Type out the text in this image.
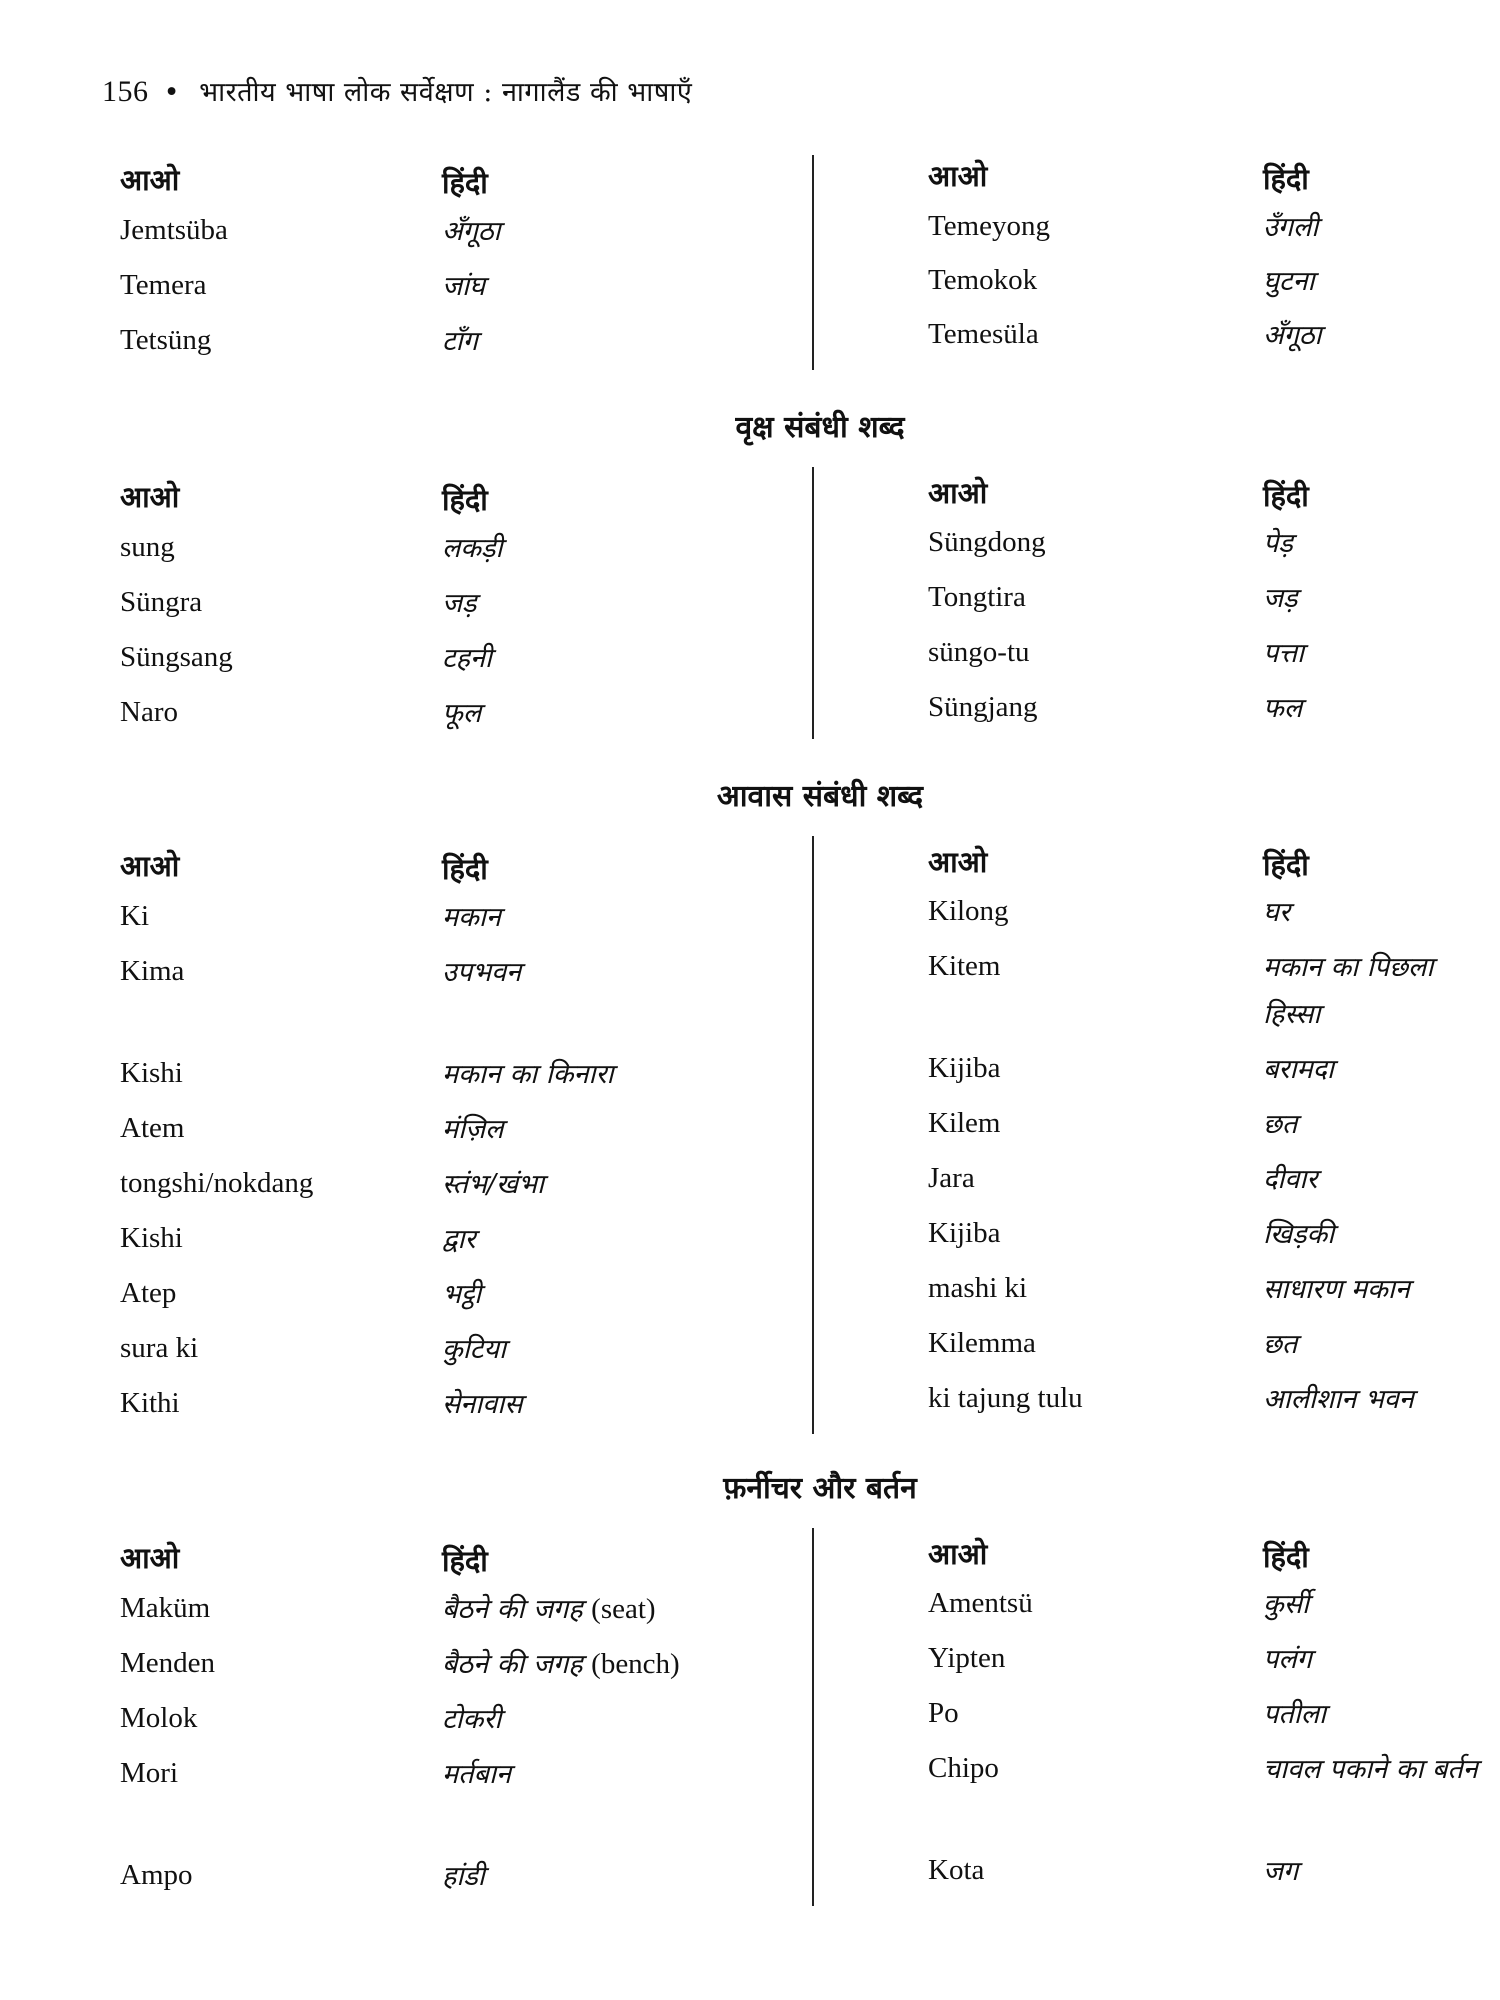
156 • भारतीय भाषा लोक सर्वेक्षण : नागालैंड की भाषाएँ
आओ	हिंदी
Jemtsüba	अँगूठा
Temera	जांघ
Tetsüng	टाँग
आओ	हिंदी
Temeyong	उँगली
Temokok	घुटना
Temesüla	अँगूठा
वृक्ष संबंधी शब्द
आओ	हिंदी
sung	लकड़ी
Süngra	जड़
Süngsang	टहनी
Naro	फूल
आओ	हिंदी
Süngdong	पेड़
Tongtira	जड़
süngo-tu	पत्ता
Süngjang	फल
आवास संबंधी शब्द
आओ	हिंदी
Ki	मकान
Kima	उपभवन
Kishi	मकान का किनारा
Atem	मंज़िल
tongshi/nokdang	स्तंभ/खंभा
Kishi	द्वार
Atep	भट्ठी
sura ki	कुटिया
Kithi	सेनावास
आओ	हिंदी
Kilong	घर
Kitem	मकान का पिछला हिस्सा
Kijiba	बरामदा
Kilem	छत
Jara	दीवार
Kijiba	खिड़की
mashi ki	साधारण मकान
Kilemma	छत
ki tajung tulu	आलीशान भवन
फ़र्नीचर और बर्तन
आओ	हिंदी
Maküm	बैठने की जगह (seat)
Menden	बैठने की जगह (bench)
Molok	टोकरी
Mori	मर्तबान
Ampo	हांडी
आओ	हिंदी
Amentsü	कुर्सी
Yipten	पलंग
Po	पतीला
Chipo	चावल पकाने का बर्तन
Kota	जग
